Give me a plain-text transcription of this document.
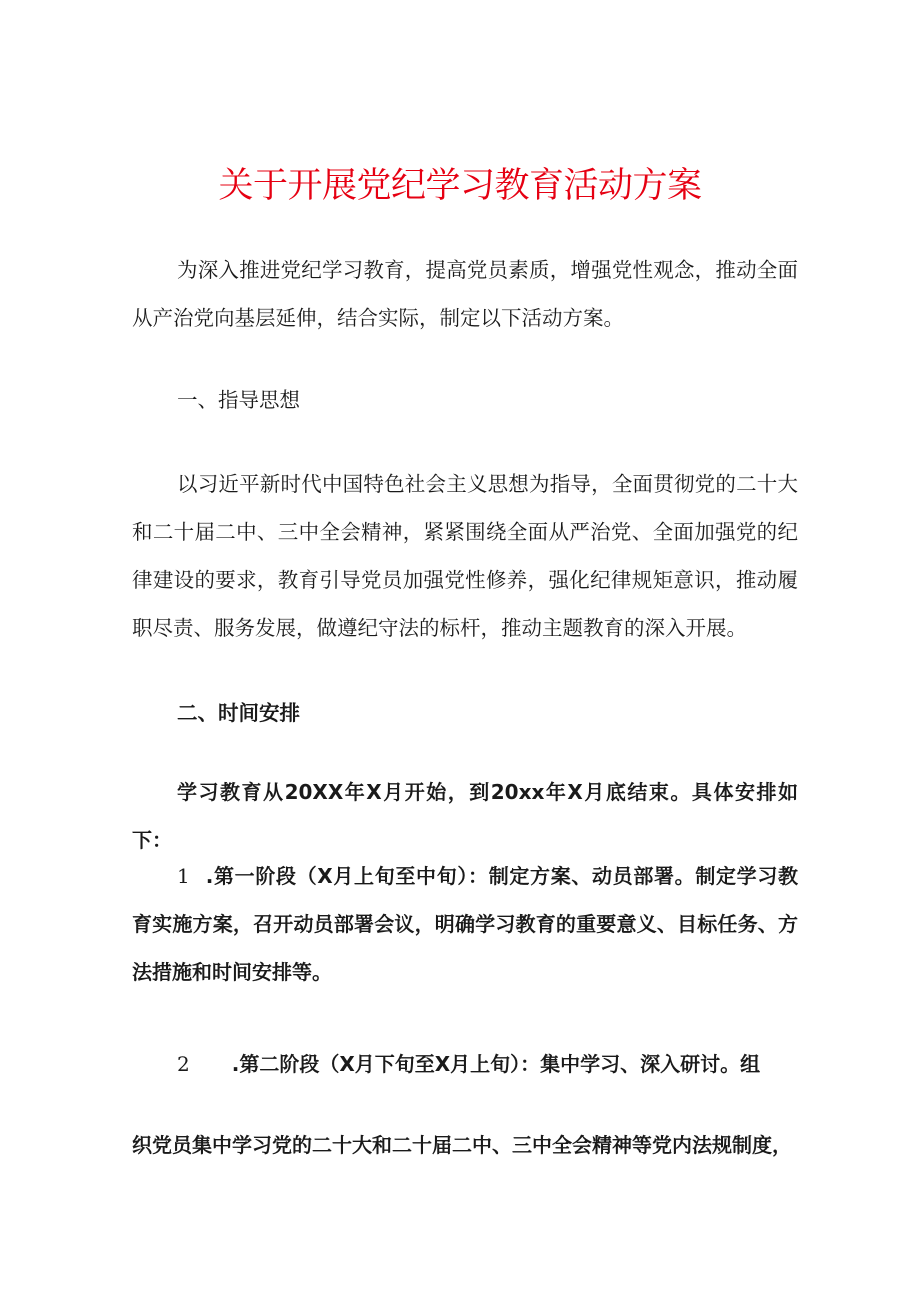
关于开展党纪学习教育活动方案

为深入推进党纪学习教育，提高党员素质，增强党性观念，推动全面从产治党向基层延伸，结合实际，制定以下活动方案。

一、指导思想

以习近平新时代中国特色社会主义思想为指导，全面贯彻党的二十大和二十届二中、三中全会精神，紧紧围绕全面从严治党、全面加强党的纪律建设的要求，教育引导党员加强党性修养，强化纪律规矩意识，推动履职尽责、服务发展，做遵纪守法的标杆，推动主题教育的深入开展。

二、时间安排

学习教育从20XX年X月开始，到20xx年X月底结束。具体安排如下：

1 .第一阶段（X月上旬至中旬）：制定方案、动员部署。制定学习教育实施方案，召开动员部署会议，明确学习教育的重要意义、目标任务、方法措施和时间安排等。

2 .第二阶段（X月下旬至X月上旬）：集中学习、深入研讨。组

织党员集中学习党的二十大和二十届二中、三中全会精神等党内法规制度，
